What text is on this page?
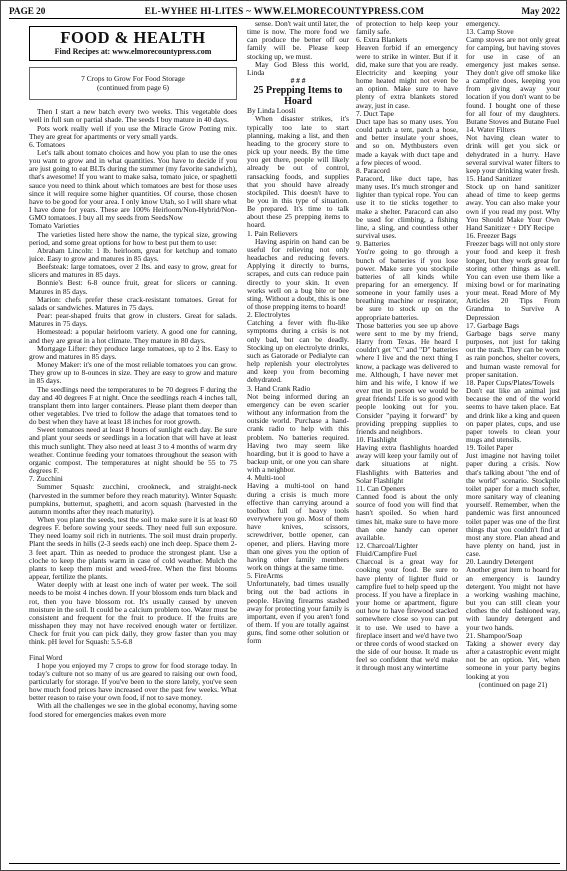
EL-WYHEE HI-LITES ~ WWW.ELMORECOUNTYPRESS.COM
PAGE 20	May 2022
FOOD & HEALTH
Find Recipes at: www.elmorecountypress.com
7 Crops to Grow For Food Storage
(continued from page 6)

Then I start a new batch every two weeks. This vegetable does well in full sun or partial shade. The seeds I buy mature in 40 days.

Pots work really well if you use the Miracle Grow Potting mix. They are great for apartments or very small yards.

6. Tomatoes

Let's talk about tomato choices and how you plan to use the ones you want to grow and in what quantities. You have to decide if you are just going to eat BLTs during the summer (my favorite sandwich), that's awesome! If you want to make salsa, tomato juice, or spaghetti sauce you need to think about which tomatoes are best for those uses since it will require some higher quantities. Of course, those chosen have to be good for your area. I only know Utah, so I will share what I have done for years. These are 100% Heirloom/Non-Hybrid/Non-GMO tomatoes. I buy all my seeds from SeedsNow

Tomato Varieties

The varieties listed here show the name, the typical size, growing period, and some great options for how to best put them to use:

Abraham Lincoln: 1 lb. heirloom, great for ketchup and tomato juice. Easy to grow and matures in 85 days.

Beefsteak: large tomatoes, over 2 lbs. and easy to grow, great for slicers and matures in 85 days.

Bonnie's Best: 6-8 ounce fruit, great for slicers or canning. Matures in 85 days.

Marion: chefs prefer these crack-resistant tomatoes. Great for salads or sandwiches. Matures in 75 days.

Pear: pear-shaped fruits that grow in clusters. Great for salads. Matures in 75 days.

Homestead: a popular heirloom variety. A good one for canning, and they are great in a hot climate. They mature in 80 days.

Mortgage Lifter: they produce large tomatoes, up to 2 lbs. Easy to grow and matures in 85 days.

Money Maker: it's one of the most reliable tomatoes you can grow. They grow up to 8-ounces in size. They are easy to grow and mature in 85 days.

The seedlings need the temperatures to be 70 degrees F during the day and 40 degrees F at night. Once the seedlings reach 4 inches tall, transplant them into larger containers. Please plant them deeper than other vegetables. I've tried to follow the adage that tomatoes tend to do best when they have at least 18 inches for root growth.

Sweet tomatoes need at least 8 hours of sunlight each day. Be sure and plant your seeds or seedlings in a location that will have at least this much sunlight. They also need at least 3 to 4 months of warm dry weather. Continue feeding your tomatoes throughout the season with organic compost. The temperatures at night should be 55 to 75 degrees F.

7. Zucchini

Summer Squash: zucchini, crookneck, and straight-neck (harvested in the summer before they reach maturity). Winter Squash: pumpkins, butternut, spaghetti, and acorn squash (harvested in the autumn months after they reach maturity).

When you plant the seeds, test the soil to make sure it is at least 60 degrees F. before sowing your seeds. They need full sun exposure. They need loamy soil rich in nutrients. The soil must drain properly. Plant the seeds in hills (2-3 seeds each) one inch deep. Space them 2-3 feet apart. Thin as needed to produce the strongest plant. Use a cloche to keep the plants warm in case of cold weather. Mulch the plants to keep them moist and weed-free. When the first blooms appear, fertilize the plants.

Water deeply with at least one inch of water per week. The soil needs to be moist 4 inches down. If your blossom ends turn black and rot, then you have blossom rot. It's usually caused by uneven moisture in the soil. It could be a calcium problem too. Water must be consistent and frequent for the fruit to produce. If the fruits are misshapen they may not have received enough water or fertilizer. Check for fruit you can pick daily, they grow faster than you may think. pH level for Squash: 5.5-6.8

Final Word

I hope you enjoyed my 7 crops to grow for food storage today. In today's culture not so many of us are geared to raising our own food, particularly for storage. If you've been to the store lately, you've seen how much food prices have increased over the past few weeks. What better reason to raise your own food, if not to save money.

With all the challenges we see in the global economy, having some food stored for emergencies makes even more

sense. Don't wait until later, the time is now. The more food we can produce the better off our family will be. Please keep stocking up, we must.

May God Bless this world, Linda

# # #

25 Prepping Items to Hoard

By Linda Loosli

When disaster strikes, it's typically too late to start planning, making a list, and then heading to the grocery store to pick up your needs. By the time you get there, people will likely already be out of control, ransacking foods, and supplies that you should have already stockpiled. This doesn't have to be you in this type of situation. Be prepared. It's time to talk about these 25 prepping items to hoard.

1. Pain Relievers

Having aspirin on hand can be useful for relieving not only headaches and reducing fevers. Applying it directly to burns, scrapes, and cuts can reduce pain directly to your skin. It even works well on a bug bite or bee sting. Without a doubt, this is one of those prepping items to hoard!

2. Electrolytes

Catching a fever with flu-like symptoms during a crisis is not only bad, but can be deadly. Stocking up on electrolyte drinks, such as Gatorade or Pedialyte can help replenish your electrolytes and keep you from becoming dehydrated.

3. Hand Crank Radio

Not being informed during an emergency can be even scarier without any information from the outside world. Purchase a hand-crank radio to help with this problem. No batteries required. Having two may seem like hoarding, but it is good to have a backup unit, or one you can share with a neighbor.

4. Multi-tool

Having a multi-tool on hand during a crisis is much more effective than carrying around a toolbox full of heavy tools everywhere you go. Most of them have knives, scissors, screwdriver, bottle opener, can opener, and pliers. Having more than one gives you the option of having other family members work on things at the same time.

5. FireArms

Unfortunately, bad times usually bring out the bad actions in people. Having firearms stashed away for protecting your family is important, even if you aren't fond of them. If you are totally against guns, find some other solution or form

of protection to help keep your family safe.

6. Extra Blankets

Heaven forbid if an emergency were to strike in winter. But if it did, make sure that you are ready. Electricity and keeping your home heated might not even be an option. Make sure to have plenty of extra blankets stored away, just in case.

7. Duct Tape

Duct tape has so many uses. You could patch a tent, patch a hose, and better insulate your shoes, and so on. Mythbusters even made a kayak with duct tape and a few pieces of wood.

8. Paracord

Paracord, like duct tape, has many uses. It's much stronger and lighter than typical rope. You can use it to tie sticks together to make a shelter. Paracord can also be used for climbing, a fishing line, a sling, and countless other survival uses.

9. Batteries

You're going to go through a bunch of batteries if you lose power. Make sure you stockpile batteries of all kinds while preparing for an emergency. If someone in your family uses a breathing machine or respirator, be sure to stock up on the appropriate batteries.

Those batteries you see up above were sent to me by my friend, Harry from Texas. He heard I couldn't get "C" and "D" batteries where I live and the next thing I know, a package was delivered to me. Although, I have never met him and his wife, I know if we ever met in person we would be great friends! Life is so good with people looking out for you. Consider "paying it forward" by providing prepping supplies to friends and neighbors.

10. Flashlight

Having extra flashlights hoarded away will keep your family out of dark situations at night. Flashlights with Batteries and Solar Flashlight

11. Can Openers

Canned food is about the only source of food you will find that hasn't spoiled. So when hard times hit, make sure to have more than one handy can opener available.

12. Charcoal/Lighter Fluid/Campfire Fuel

Charcoal is a great way for cooking your food. Be sure to have plenty of lighter fluid or campfire fuel to help speed up the process. If you have a fireplace in your home or apartment, figure out how to have firewood stacked somewhere close so you can put it to use. We used to have a fireplace insert and we'd have two or three cords of wood stacked on the side of our house. It made us feel so confident that we'd make it through most any wintertime

emergency.

13. Camp Stove

Camp stoves are not only great for camping, but having stoves for use in case of an emergency just makes sense. They don't give off smoke like a campfire does, keeping you from giving away your location if you don't want to be found. I bought one of these for all four of my daughters. Butane Stoves and Butane Fuel

14. Water Filters

Not having clean water to drink will get you sick or dehydrated in a hurry. Have several survival water filters to keep your drinking water fresh.

15. Hand Sanitizer

Stock up on hand sanitizer ahead of time to keep germs away. You can also make your own if you read my post. Why You Should Make Your Own Hand Sanitizer + DIY Recipe

16. Freezer Bags

Freezer bags will not only store your food and keep it fresh longer, but they work great for storing other things as well. You can even use them like a mixing bowl or for marinating your meat. Read More of My Articles 20 Tips From Grandma to Survive A Depression

17. Garbage Bags

Garbage bags serve many purposes, not just for taking out the trash. They can be worn as rain ponchos, shelter covers, and human waste removal for proper sanitation.

18. Paper Cups/Plates/Towels

Don't eat like an animal just because the end of the world seems to have taken place. Eat and drink like a king and queen on paper plates, cups, and use paper towels to clean your mugs and utensils.

19. Toilet Paper

Just imagine not having toilet paper during a crisis. Now that's talking about "the end of the world" scenario. Stockpile toilet paper for a much softer, more sanitary way of cleaning yourself. Remember, when the pandemic was first announced toilet paper was one of the first things that you couldn't find at most any store. Plan ahead and have plenty on hand, just in case.

20. Laundry Detergent

Another great item to hoard for an emergency is laundry detergent. You might not have a working washing machine, but you can still clean your clothes the old fashioned way, with laundry detergent and your two hands.

21. Shampoo/Soap

Taking a shower every day after a catastrophic event might not be an option. Yet, when someone in your party begins looking at you

(continued on page 21)
